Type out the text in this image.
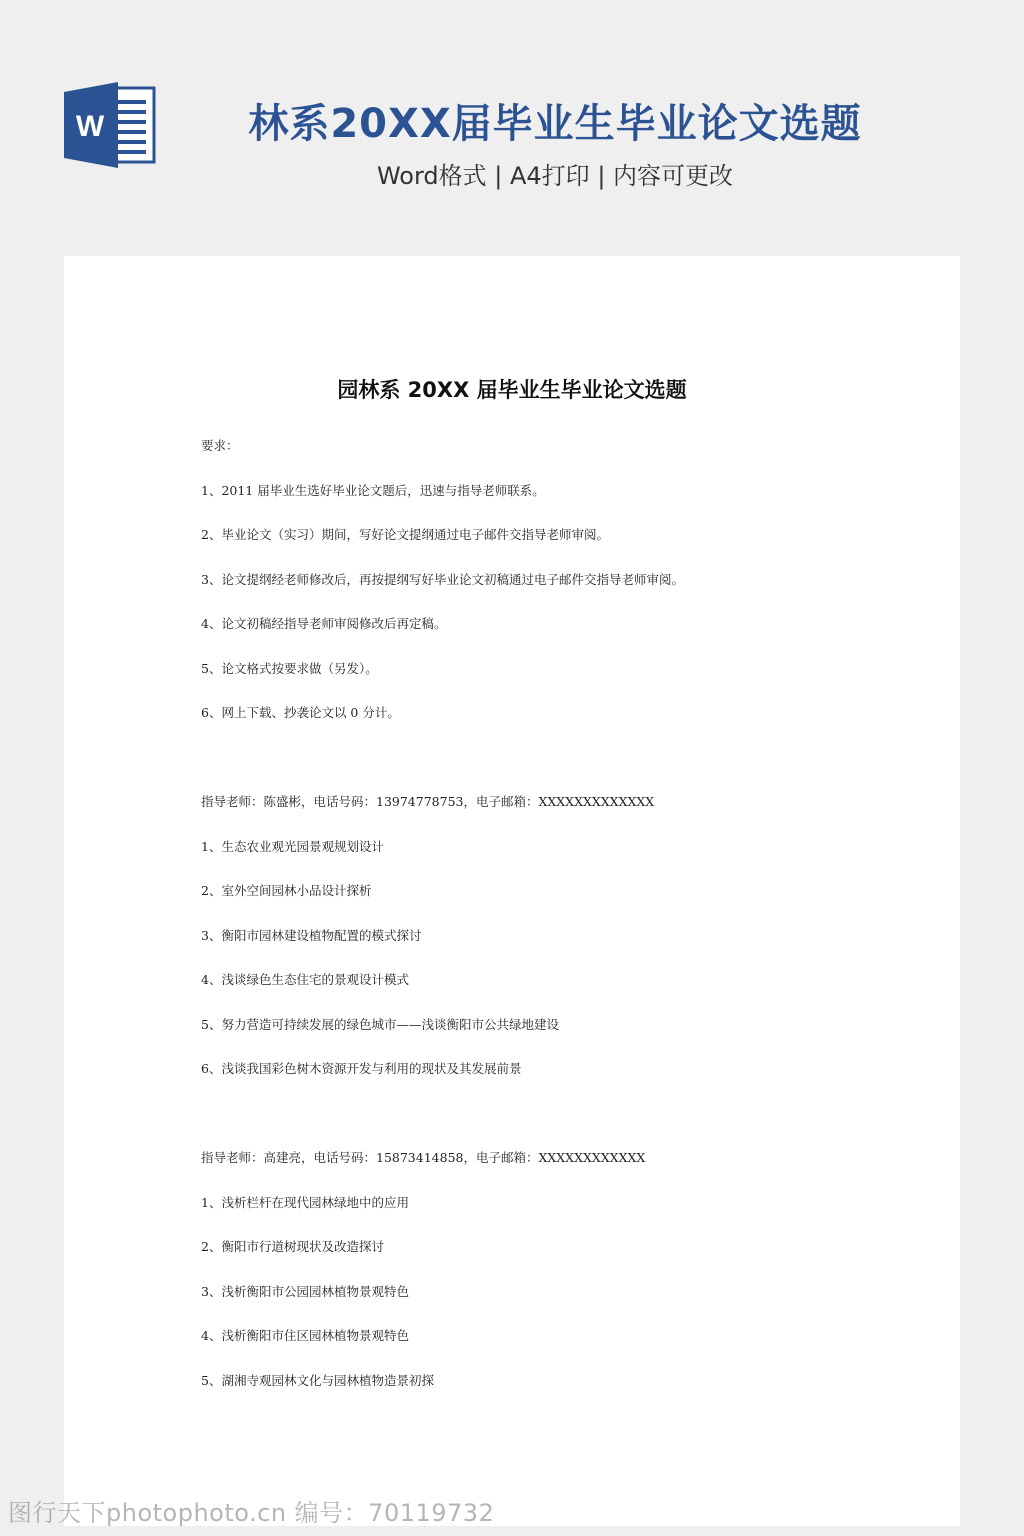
W	林系20XX届毕业生毕业论文选题
Word格式 | A4打印 | 内容可更改
园林系 20XX 届毕业生毕业论文选题
要求：
1、2011 届毕业生选好毕业论文题后，迅速与指导老师联系。
2、毕业论文（实习）期间，写好论文提纲通过电子邮件交指导老师审阅。
3、论文提纲经老师修改后，再按提纲写好毕业论文初稿通过电子邮件交指导老师审阅。
4、论文初稿经指导老师审阅修改后再定稿。
5、论文格式按要求做（另发）。
6、网上下载、抄袭论文以 0 分计。
指导老师：陈盛彬，电话号码：13974778753，电子邮箱：XXXXXXXXXXXXX
1、生态农业观光园景观规划设计
2、室外空间园林小品设计探析
3、衡阳市园林建设植物配置的模式探讨
4、浅谈绿色生态住宅的景观设计模式
5、努力营造可持续发展的绿色城市——浅谈衡阳市公共绿地建设
6、浅谈我国彩色树木资源开发与利用的现状及其发展前景
指导老师：高建亮，电话号码：15873414858，电子邮箱：XXXXXXXXXXXX
1、浅析栏杆在现代园林绿地中的应用
2、衡阳市行道树现状及改造探讨
3、浅析衡阳市公园园林植物景观特色
4、浅析衡阳市住区园林植物景观特色
5、湖湘寺观园林文化与园林植物造景初探
图行天下photophoto.cn 编号：70119732
